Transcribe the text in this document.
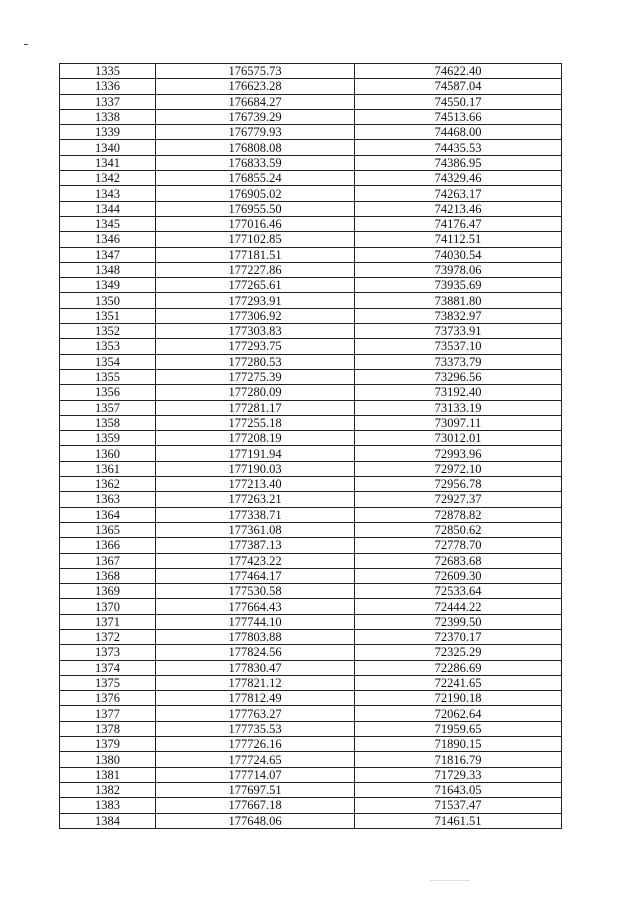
1335	176575.73	74622.40
1336	176623.28	74587.04
1337	176684.27	74550.17
1338	176739.29	74513.66
1339	176779.93	74468.00
1340	176808.08	74435.53
1341	176833.59	74386.95
1342	176855.24	74329.46
1343	176905.02	74263.17
1344	176955.50	74213.46
1345	177016.46	74176.47
1346	177102.85	74112.51
1347	177181.51	74030.54
1348	177227.86	73978.06
1349	177265.61	73935.69
1350	177293.91	73881.80
1351	177306.92	73832.97
1352	177303.83	73733.91
1353	177293.75	73537.10
1354	177280.53	73373.79
1355	177275.39	73296.56
1356	177280.09	73192.40
1357	177281.17	73133.19
1358	177255.18	73097.11
1359	177208.19	73012.01
1360	177191.94	72993.96
1361	177190.03	72972.10
1362	177213.40	72956.78
1363	177263.21	72927.37
1364	177338.71	72878.82
1365	177361.08	72850.62
1366	177387.13	72778.70
1367	177423.22	72683.68
1368	177464.17	72609.30
1369	177530.58	72533.64
1370	177664.43	72444.22
1371	177744.10	72399.50
1372	177803.88	72370.17
1373	177824.56	72325.29
1374	177830.47	72286.69
1375	177821.12	72241.65
1376	177812.49	72190.18
1377	177763.27	72062.64
1378	177735.53	71959.65
1379	177726.16	71890.15
1380	177724.65	71816.79
1381	177714.07	71729.33
1382	177697.51	71643.05
1383	177667.18	71537.47
1384	177648.06	71461.51
